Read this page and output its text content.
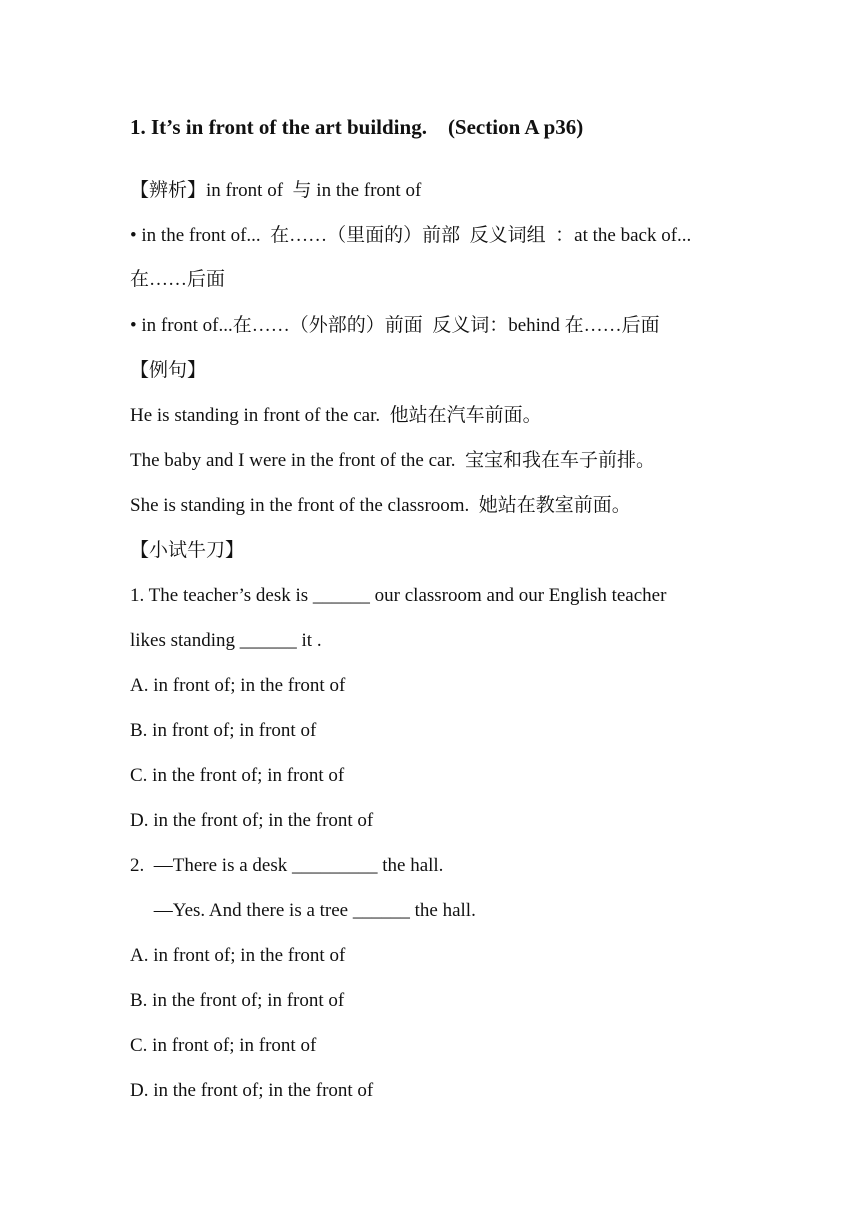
1. It’s in front of the art building.    (Section A p36)
【辨析】in front of  与 in the front of
• in the front of...  在……（里面的）前部  反义词组  ：at the back of...
在……后面
• in front of...在……（外部的）前面  反义词：behind 在……后面
【例句】
He is standing in front of the car.  他站在汽车前面。
The baby and I were in the front of the car.  宝宝和我在车子前排。
She is standing in the front of the classroom.  她站在教室前面。
【小试牛刀】
1. The teacher’s desk is ______ our classroom and our English teacher
likes standing ______ it .
A. in front of; in the front of
B. in front of; in front of
C. in the front of; in front of
D. in the front of; in the front of
2.  —There is a desk _________ the hall.
—Yes. And there is a tree ______ the hall.
A. in front of; in the front of
B. in the front of; in front of
C. in front of; in front of
D. in the front of; in the front of
